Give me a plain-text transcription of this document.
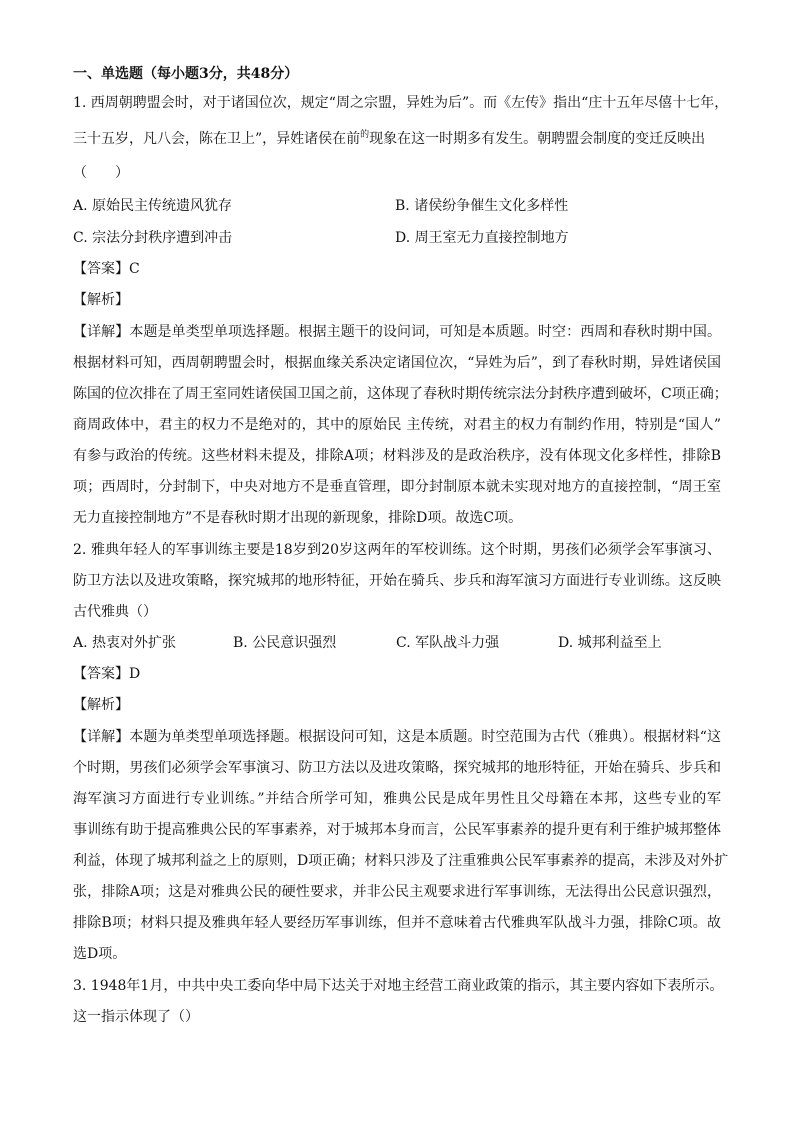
一、单选题（每小题3分，共48分）
1. 西周朝聘盟会时，对于诸国位次，规定“周之宗盟，异姓为后”。而《左传》指出“庄十五年尽僖十七年，
三十五岁，凡八会，陈在卫上”，异姓诸侯在前$^的$现象在这一时期多有发生。朝聘盟会制度的变迁反映出
（　　）
A. 原始民主传统遗风犹存	B. 诸侯纷争催生文化多样性
C. 宗法分封秩序遭到冲击	D. 周王室无力直接控制地方
【答案】C
【解析】
【详解】本题是单类型单项选择题。根据主题干的设问词，可知是本质题。时空：西周和春秋时期中国。
根据材料可知，西周朝聘盟会时，根据血缘关系决定诸国位次，“异姓为后”，到了春秋时期，异姓诸侯国
陈国的位次排在了周王室同姓诸侯国卫国之前，这体现了春秋时期传统宗法分封秩序遭到破坏，C项正确；
商周政体中，君主的权力不是绝对的，其中的原始民 主传统，对君主的权力有制约作用，特别是“国人”
有参与政治的传统。这些材料未提及，排除A项；材料涉及的是政治秩序，没有体现文化多样性，排除B
项；西周时，分封制下，中央对地方不是垂直管理，即分封制原本就未实现对地方的直接控制，“周王室
无力直接控制地方”不是春秋时期才出现的新现象，排除D项。故选C项。
2. 雅典年轻人的军事训练主要是18岁到20岁这两年的军校训练。这个时期，男孩们必须学会军事演习、
防卫方法以及进攻策略，探究城邦的地形特征，开始在骑兵、步兵和海军演习方面进行专业训练。这反映
古代雅典（）
A. 热衷对外扩张	B. 公民意识强烈	C. 军队战斗力强	D. 城邦利益至上
【答案】D
【解析】
【详解】本题为单类型单项选择题。根据设问可知，这是本质题。时空范围为古代（雅典）。根据材料“这
个时期，男孩们必须学会军事演习、防卫方法以及进攻策略，探究城邦的地形特征，开始在骑兵、步兵和
海军演习方面进行专业训练。”并结合所学可知，雅典公民是成年男性且父母籍在本邦，这些专业的军
事训练有助于提高雅典公民的军事素养，对于城邦本身而言，公民军事素养的提升更有利于维护城邦整体
利益，体现了城邦利益之上的原则，D项正确；材料只涉及了注重雅典公民军事素养的提高，未涉及对外扩
张，排除A项；这是对雅典公民的硬性要求，并非公民主观要求进行军事训练，无法得出公民意识强烈，
排除B项；材料只提及雅典年轻人要经历军事训练，但并不意味着古代雅典军队战斗力强，排除C项。故
选D项。
3. 1948年1月，中共中央工委向华中局下达关于对地主经营工商业政策的指示，其主要内容如下表所示。
这一指示体现了（）
